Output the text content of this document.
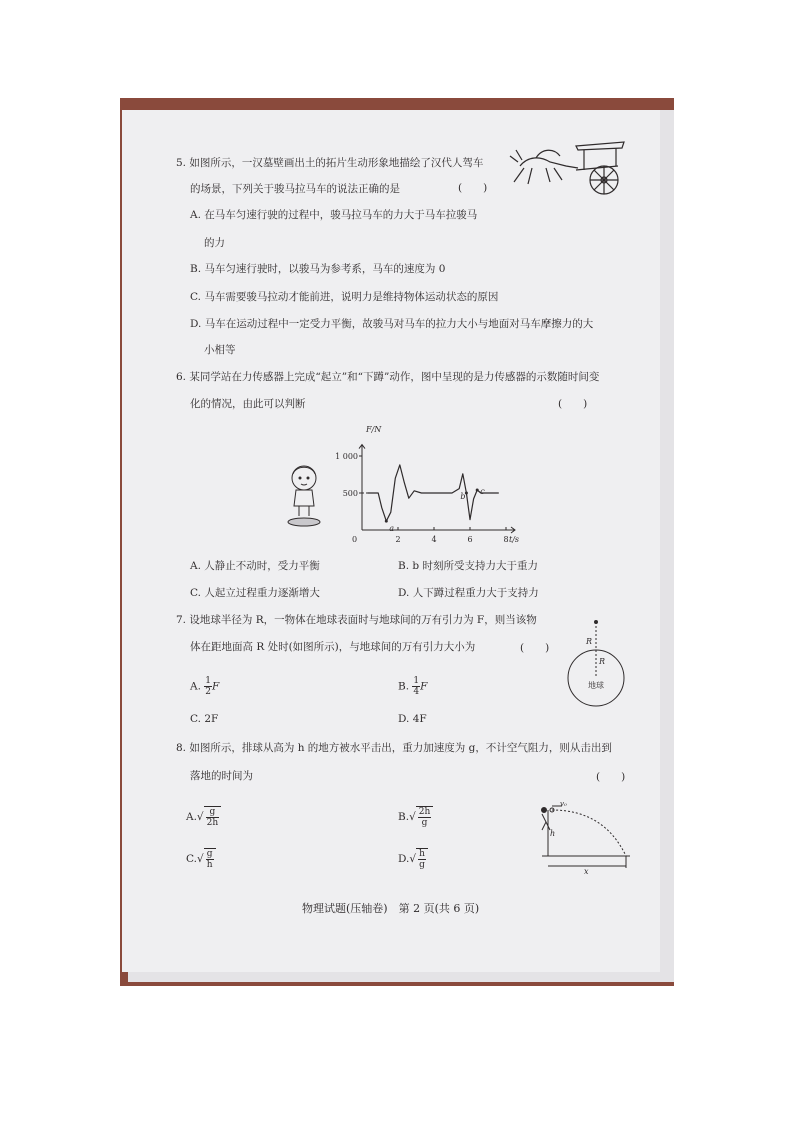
5. 如图所示，一汉墓壁画出土的拓片生动形象地描绘了汉代人驾车
的场景，下列关于骏马拉马车的说法正确的是	(　　)
A. 在马车匀速行驶的过程中，骏马拉马车的力大于马车拉骏马
的力
B. 马车匀速行驶时，以骏马为参考系，马车的速度为 0
C. 马车需要骏马拉动才能前进，说明力是维持物体运动状态的原因
D. 马车在运动过程中一定受力平衡，故骏马对马车的拉力大小与地面对马车摩擦力的大
小相等
6. 某同学站在力传感器上完成“起立”和“下蹲”动作，图中呈现的是力传感器的示数随时间变
化的情况，由此可以判断	(　　)
F/N
t/s
0
500
1 000
2	4	6	8
a
b
c
A. 人静止不动时，受力平衡	B. b 时刻所受支持力大于重力
C. 人起立过程重力逐渐增大	D. 人下蹲过程重力大于支持力
7. 设地球半径为 R，一物体在地球表面时与地球间的万有引力为 F，则当该物
体在距地面高 R 处时(如图所示)，与地球间的万有引力大小为	(　　)
A. $\frac{1}{2}$ F	B. $\frac{1}{4}$ F
C. 2F	D. 4F
R
R
地球
8. 如图所示，排球从高为 h 的地方被水平击出，重力加速度为 g，不计空气阻力，则从击出到
落地的时间为	(　　)
$A.√ \frac{g}{2h}$	$B.√ \frac{2h}{g}$
$C.√ \frac{g}{h}$	$D.√ \frac{h}{g}$
v₀
h
x
物理试题(压轴卷)　第 2 页(共 6 页)
